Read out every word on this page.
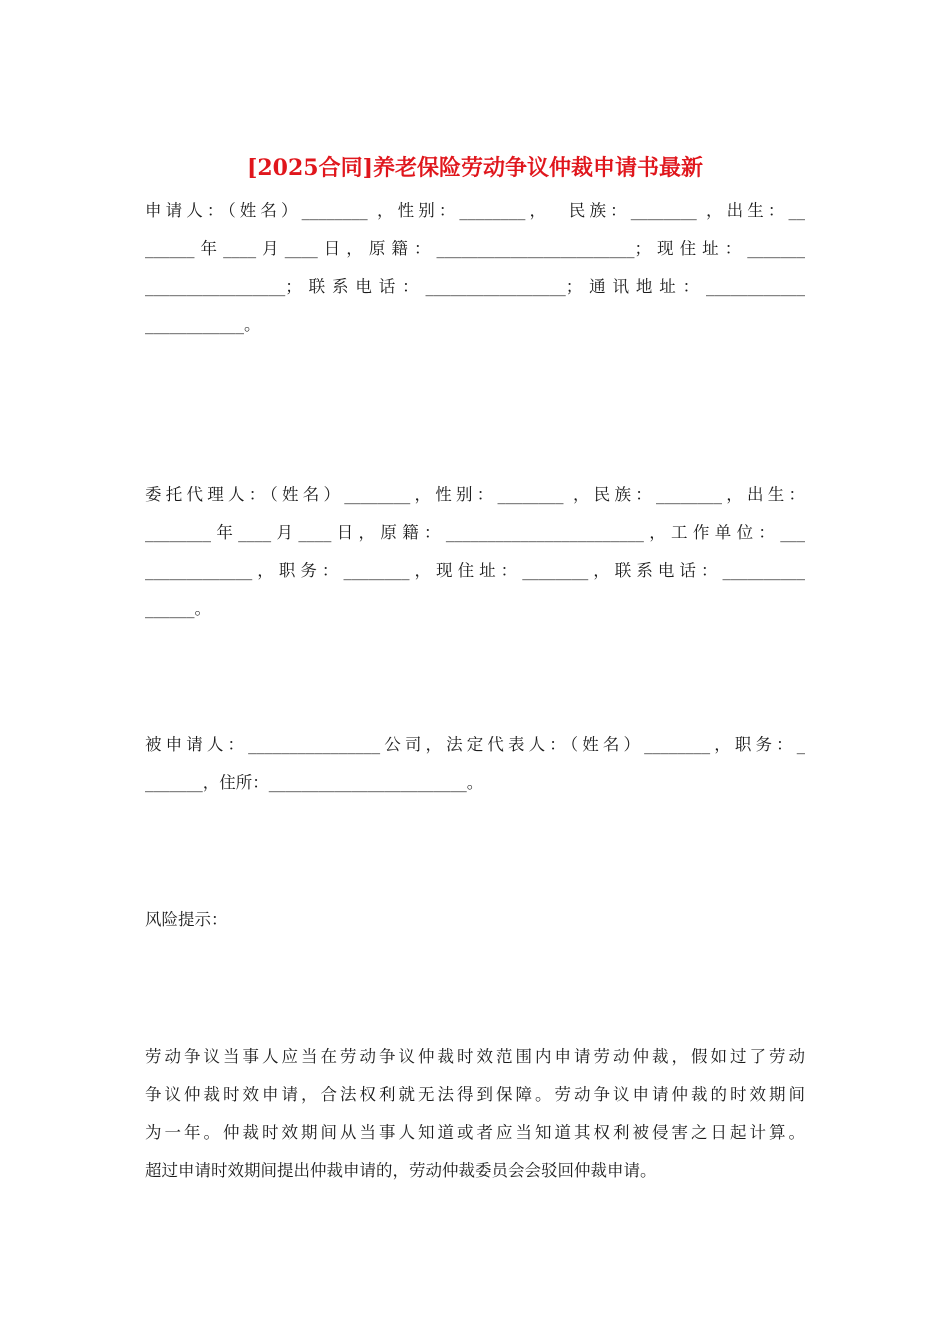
[2025合同]养老保险劳动争议仲裁申请书最新
申请人：（姓名）________ ，性别：________，  民族：________ ，出生：__
______年____月____日，原籍：________________________；现住址：_______
_________________；联系电话：_________________；通讯地址：____________
____________。
委托代理人：（姓名）________，性别：________ ，民族：________，出生：
________年____月____日，原籍：________________________，工作单位：___
_____________，职务：________，现住址：________，联系电话：__________
______。
被申请人：________________公司，法定代表人：（姓名）________，职务：_
_______，住所：________________________。
风险提示：
劳动争议当事人应当在劳动争议仲裁时效范围内申请劳动仲裁，假如过了劳动
争议仲裁时效申请，合法权利就无法得到保障。劳动争议申请仲裁的时效期间
为一年。仲裁时效期间从当事人知道或者应当知道其权利被侵害之日起计算。
超过申请时效期间提出仲裁申请的，劳动仲裁委员会会驳回仲裁申请。
